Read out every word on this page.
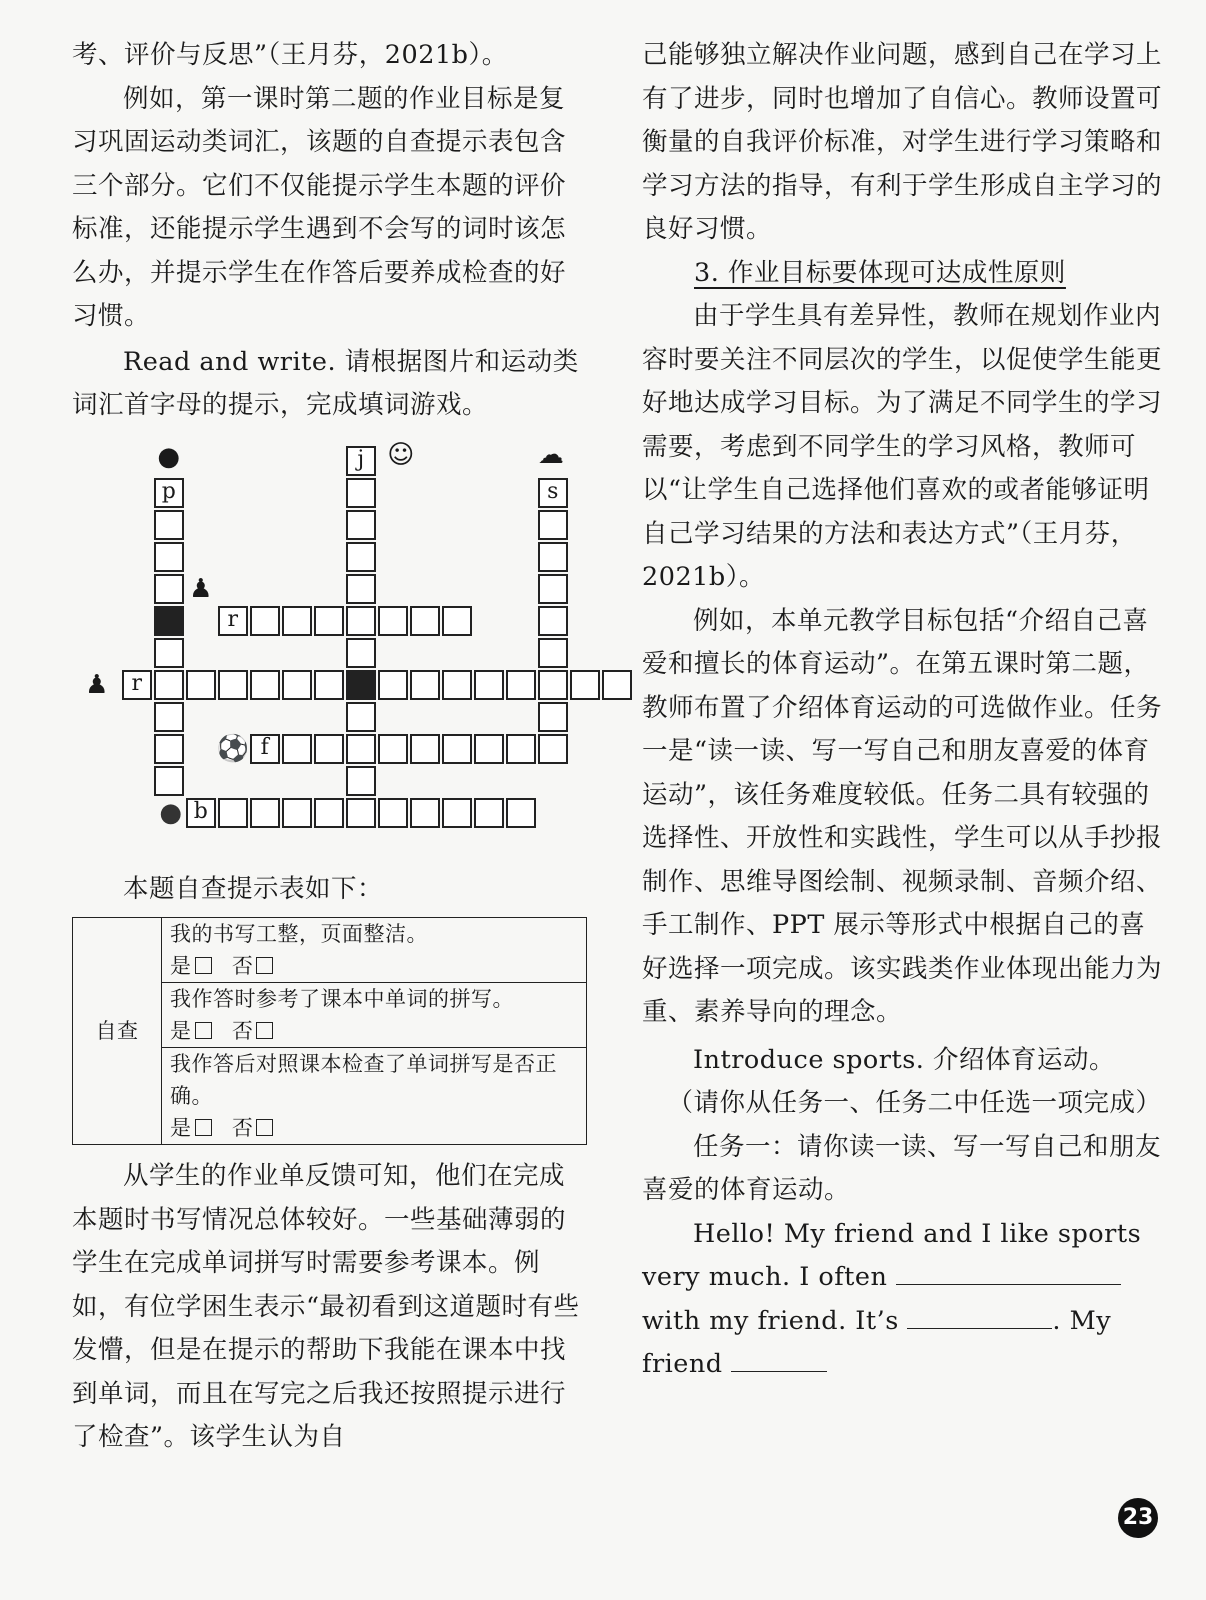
考、评价与反思”（王月芬，2021b）。

例如，第一课时第二题的作业目标是复习巩固运动类词汇，该题的自查提示表包含三个部分。它们不仅能提示学生本题的评价标准，还能提示学生遇到不会写的词时该怎么办，并提示学生在作答后要养成检查的好习惯。

Read and write. 请根据图片和运动类词汇首字母的提示，完成填词游戏。

p
j
s
r
r
f
b
●	☺	☁
♟
♟
⚽
●

本题自查提示表如下：

自查	
我的书写工整，页面整洁。
是 否

我作答时参考了课本中单词的拼写。
是 否

我作答后对照课本检查了单词拼写是否正确。
是 否

从学生的作业单反馈可知，他们在完成本题时书写情况总体较好。一些基础薄弱的学生在完成单词拼写时需要参考课本。例如，有位学困生表示“最初看到这道题时有些发懵，但是在提示的帮助下我能在课本中找到单词，而且在写完之后我还按照提示进行了检查”。该学生认为自

己能够独立解决作业问题，感到自己在学习上有了进步，同时也增加了自信心。教师设置可衡量的自我评价标准，对学生进行学习策略和学习方法的指导，有利于学生形成自主学习的良好习惯。

3. 作业目标要体现可达成性原则

由于学生具有差异性，教师在规划作业内容时要关注不同层次的学生，以促使学生能更好地达成学习目标。为了满足不同学生的学习需要，考虑到不同学生的学习风格，教师可以“让学生自己选择他们喜欢的或者能够证明自己学习结果的方法和表达方式”（王月芬，2021b）。

例如，本单元教学目标包括“介绍自己喜爱和擅长的体育运动”。在第五课时第二题，教师布置了介绍体育运动的可选做作业。任务一是“读一读、写一写自己和朋友喜爱的体育运动”，该任务难度较低。任务二具有较强的选择性、开放性和实践性，学生可以从手抄报制作、思维导图绘制、视频录制、音频介绍、手工制作、PPT 展示等形式中根据自己的喜好选择一项完成。该实践类作业体现出能力为重、素养导向的理念。

Introduce sports. 介绍体育运动。

（请你从任务一、任务二中任选一项完成）

任务一：请你读一读、写一写自己和朋友喜爱的体育运动。

Hello! My friend and I like sports very much. I often  with my friend. It’s	. My friend

23
